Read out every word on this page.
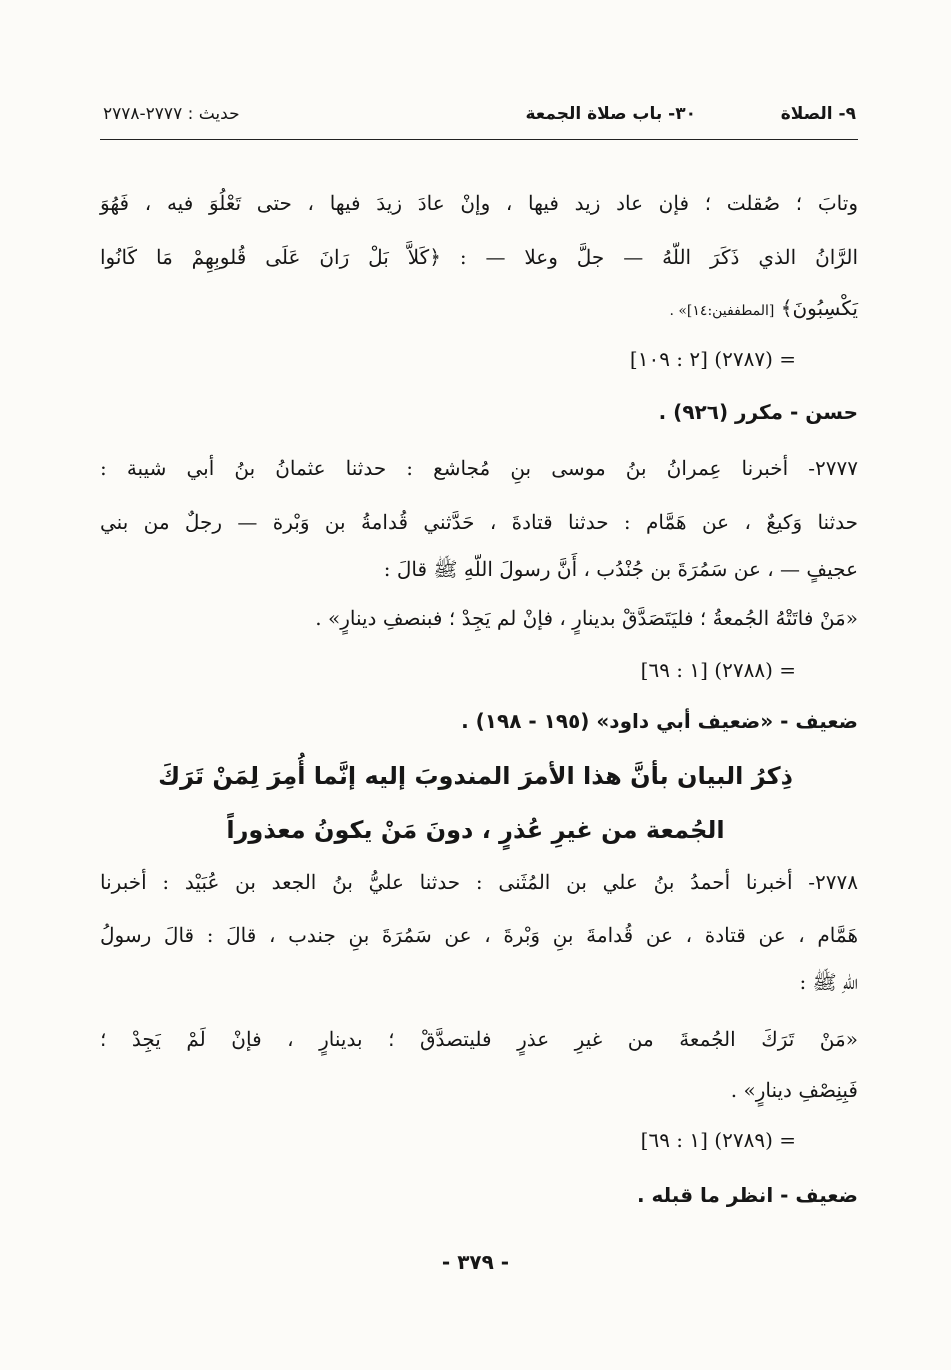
٩- الصلاة
٣٠- باب صلاة الجمعة
حديث : ٢٧٧٧-٢٧٧٨
وتابَ ؛ صُقلت ؛ فإن عاد زيد فيها ، وإنْ عادَ زيدَ فيها ، حتى تَعْلُوَ فيه ، فَهُوَ
الرَّانُ الذي ذَكَرَ اللّهُ — جلَّ وعلا — : ﴿كَلاَّ بَلْ رَانَ عَلَى قُلوبِهِمْ مَا كَانُوا
يَكْسِبُونَ﴾ [المطففين:١٤]» .
= (٢٧٨٧) [٢ : ١٠٩]
حسن - مكرر (٩٢٦) .
٢٧٧٧- أخبرنا عِمرانُ بنُ موسى بنِ مُجاشع : حدثنا عثمانُ بنُ أبي شيبة :
حدثنا وَكيعٌ ، عن هَمَّام : حدثنا قتادةَ ، حَدَّثني قُدامةُ بن وَبْرة — رجلٌ من بني
عجيفٍ — ، عن سَمُرَةَ بن جُنْدُب ، أَنَّ رسولَ اللّهِ ﷺ قالَ :
«مَنْ فاتَتْهُ الجُمعةُ ؛ فليَتَصَدَّقْ بدينارٍ ، فإنْ لم يَجِدْ ؛ فبنصفِ دينارٍ» .
= (٢٧٨٨) [١ : ٦٩]
ضعيف - «ضعيف أبي داود» (١٩٥ - ١٩٨) .
ذِكرُ البيان بأنَّ هذا الأمرَ المندوبَ إليه إنَّما أُمِرَ لِمَنْ تَرَكَ
الجُمعة من غيرِ عُذرٍ ، دونَ مَنْ يكونُ معذوراً
٢٧٧٨- أخبرنا أحمدُ بنُ علي بن المُثَنى : حدثنا عليُّ بنُ الجعد بن عُبَيْد : أخبرنا
هَمَّام ، عن قتادة ، عن قُدامةَ بنِ وَبْرةَ ، عن سَمُرَةَ بنِ جندب ، قالَ : قالَ رسولُ
اللّهِ ﷺ :
«مَنْ تَرَكَ الجُمعةَ من غيرِ عذرٍ فليتصدَّقْ ؛ بدينارٍ ، فإنْ لَمْ يَجِدْ ؛
فَبِنِصْفِ دينارٍ» .
= (٢٧٨٩) [١ : ٦٩]
ضعيف - انظر ما قبله .
- ٣٧٩ -
